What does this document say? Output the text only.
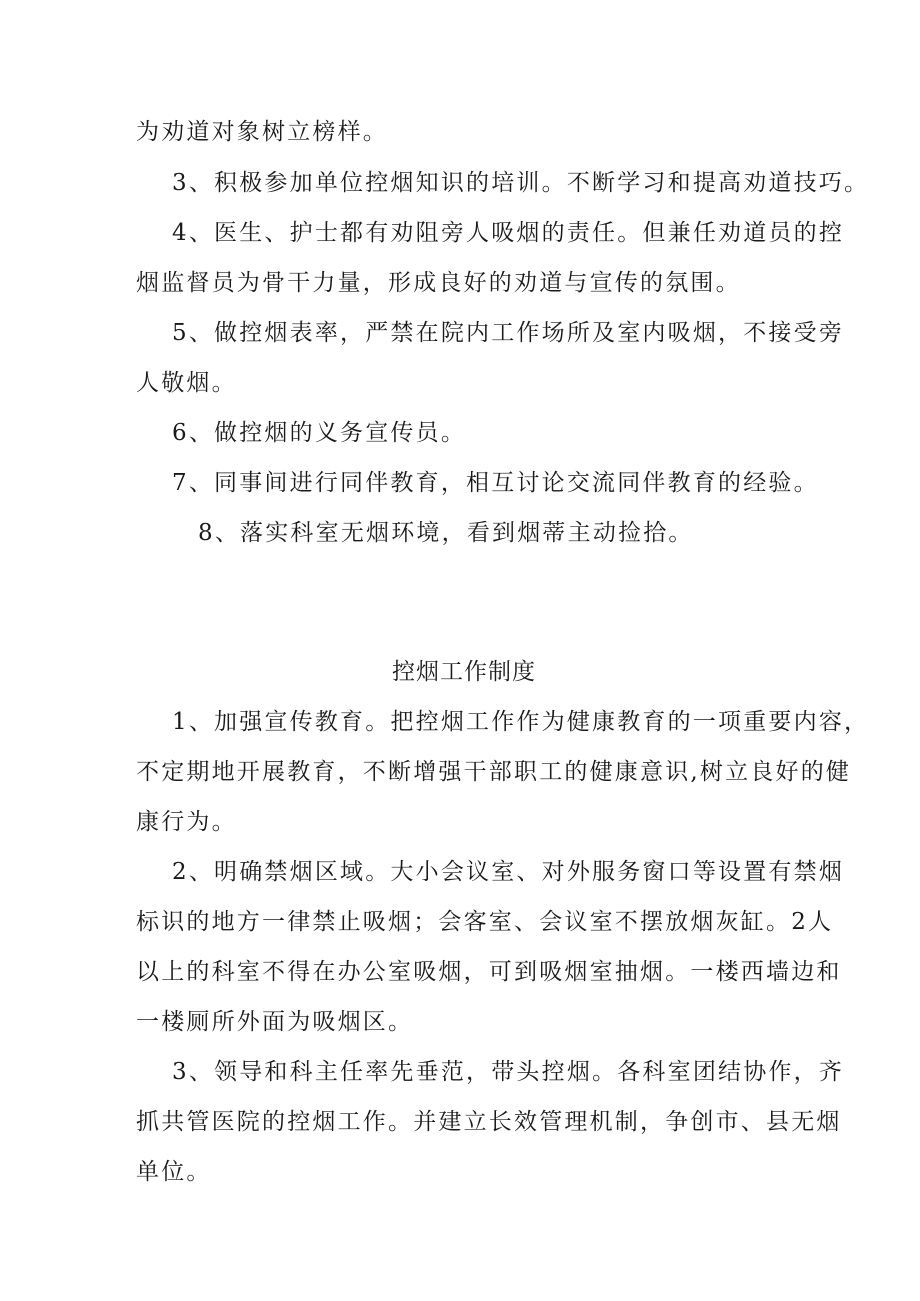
为劝道对象树立榜样。
3、积极参加单位控烟知识的培训。不断学习和提高劝道技巧。
4、医生、护士都有劝阻旁人吸烟的责任。但兼任劝道员的控
烟监督员为骨干力量，形成良好的劝道与宣传的氛围。
5、做控烟表率，严禁在院内工作场所及室内吸烟，不接受旁
人敬烟。
6、做控烟的义务宣传员。
7、同事间进行同伴教育，相互讨论交流同伴教育的经验。
8、落实科室无烟环境，看到烟蒂主动捡拾。
控烟工作制度
1、加强宣传教育。把控烟工作作为健康教育的一项重要内容，
不定期地开展教育，不断增强干部职工的健康意识,树立良好的健
康行为。
2、明确禁烟区域。大小会议室、对外服务窗口等设置有禁烟
标识的地方一律禁止吸烟；会客室、会议室不摆放烟灰缸。2人
以上的科室不得在办公室吸烟，可到吸烟室抽烟。一楼西墙边和
一楼厕所外面为吸烟区。
3、领导和科主任率先垂范，带头控烟。各科室团结协作，齐
抓共管医院的控烟工作。并建立长效管理机制，争创市、县无烟
单位。
